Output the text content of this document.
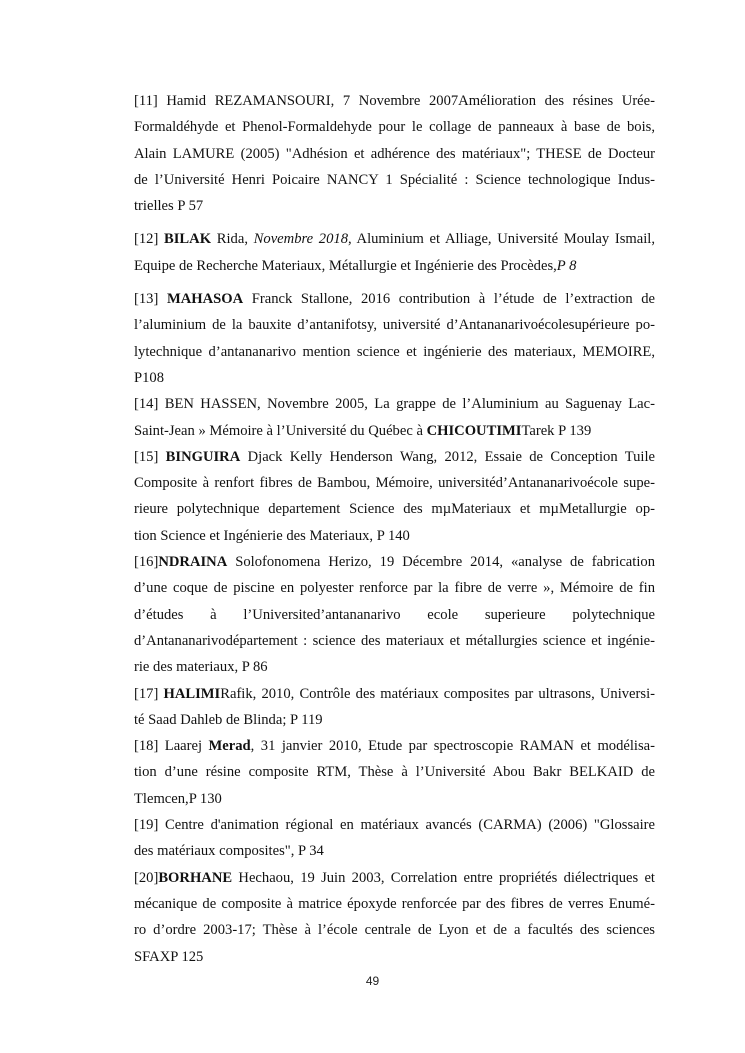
[11] Hamid REZAMANSOURI, 7 Novembre 2007Amélioration des résines Urée-
Formaldéhyde et Phenol-Formaldehyde pour le collage de panneaux à base de bois,
Alain LAMURE (2005) "Adhésion et adhérence des matériaux"; THESE de Docteur
de l’Université Henri Poicaire NANCY 1 Spécialité : Science technologique Indus-
trielles P 57
[12] BILAK Rida, Novembre 2018, Aluminium et Alliage, Université Moulay Ismail,
Equipe de Recherche Materiaux, Métallurgie et Ingénierie des Procèdes,P 8
[13] MAHASOA Franck Stallone, 2016 contribution à l’étude de l’extraction de
l’aluminium de la bauxite d’antanifotsy, université d’Antananarivoécolesupérieure po-
lytechnique d’antananarivo mention science et ingénierie des materiaux, MEMOIRE,
P108
[14] BEN HASSEN, Novembre 2005, La grappe de l’Aluminium au Saguenay Lac-
Saint-Jean » Mémoire à l’Université du Québec à CHICOUTIMITarek P 139
[15] BINGUIRA Djack Kelly Henderson Wang, 2012, Essaie de Conception Tuile
Composite à renfort fibres de Bambou, Mémoire, universitéd’Antananarivoécole supe-
rieure polytechnique departement Science des mµMateriaux et mµMetallurgie op-
tion Science et Ingénierie des Materiaux, P 140
[16]NDRAINA Solofonomena Herizo, 19 Décembre 2014, «analyse de fabrication
d’une coque de piscine en polyester renforce par la fibre de verre », Mémoire de fin
d’études à l’Universited’antananarivo ecole superieure polytechnique
d’Antananarivodépartement : science des materiaux et métallurgies science et ingénie-
rie des materiaux, P 86
[17] HALIMIRafik, 2010, Contrôle des matériaux composites par ultrasons, Universi-
té Saad Dahleb de Blinda; P 119
[18] Laarej Merad, 31 janvier 2010, Etude par spectroscopie RAMAN et modélisa-
tion d’une résine composite RTM, Thèse à l’Université Abou Bakr BELKAID de
Tlemcen,P 130
[19] Centre d'animation régional en matériaux avancés (CARMA) (2006) "Glossaire
des matériaux composites", P 34
[20]BORHANE Hechaou, 19 Juin 2003, Correlation entre propriétés diélectriques et
mécanique de composite à matrice époxyde renforcée par des fibres de verres Enumé-
ro d’ordre 2003-17; Thèse à l’école centrale de Lyon et de a facultés des sciences
SFAXP 125
49
